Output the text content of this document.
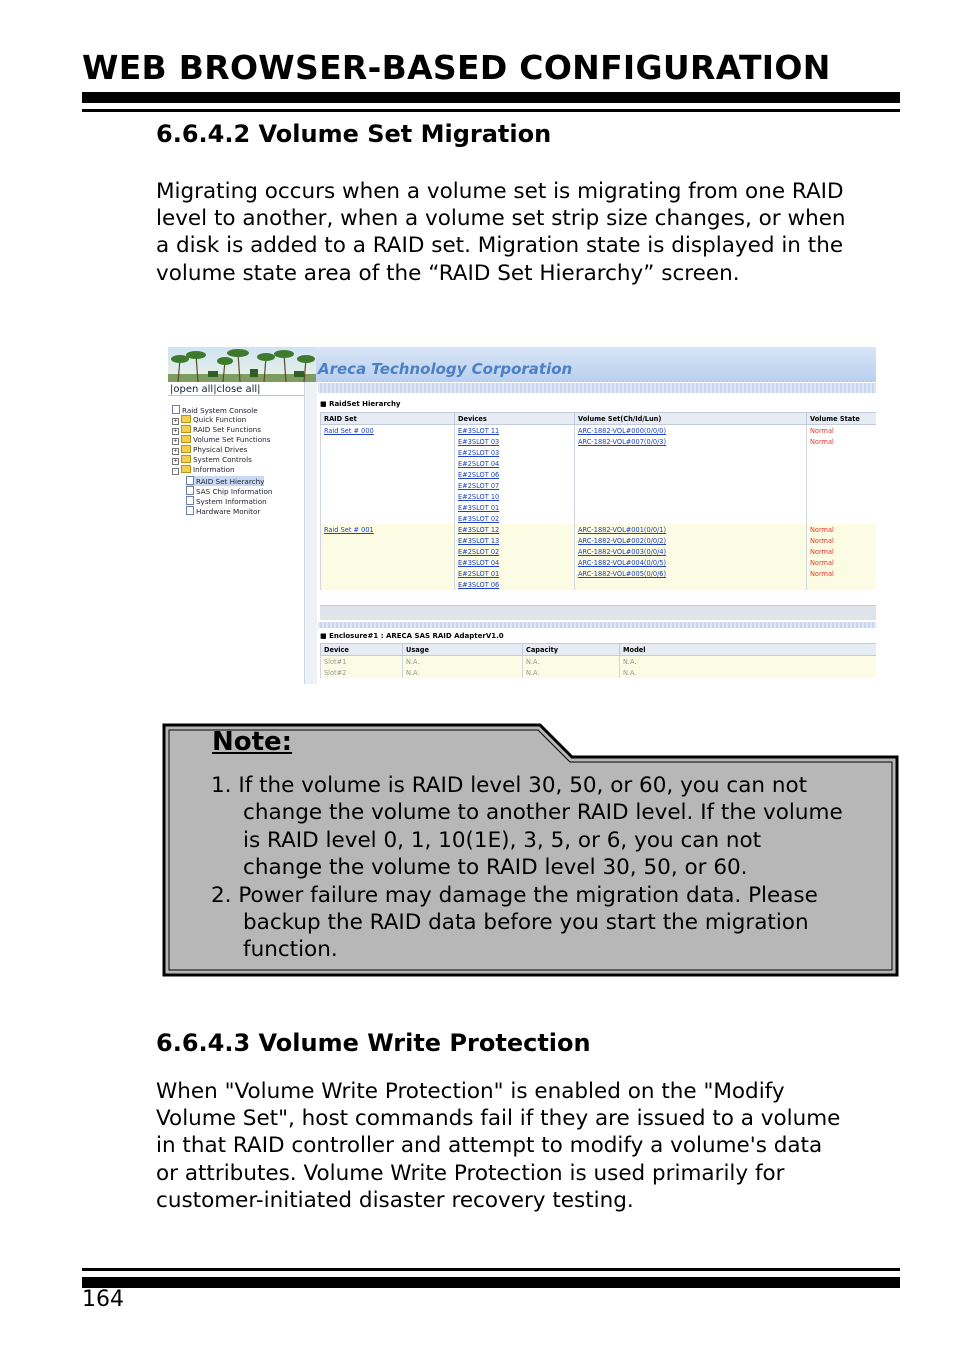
WEB BROWSER-BASED CONFIGURATION
6.6.4.2 Volume Set Migration
Migrating occurs when a volume set is migrating from one RAID
level to another, when a volume set strip size changes, or when
a disk is added to a RAID set. Migration state is displayed in the
volume state area of the “RAID Set Hierarchy” screen.
Areca Technology Corporation
|open all|close all|
Raid System Console
+ Quick Function
+ RAID Set Functions
+ Volume Set Functions
+ Physical Drives
+ System Controls
- Information
RAID Set Hierarchy
SAS Chip Information
System Information
Hardware Monitor
■ RaidSet Hierarchy
RAID Set	Devices	Volume Set(Ch/Id/Lun)	Volume State
Raid Set # 000	E#3SLOT 11	ARC-1882-VOL#000(0/0/0)	Normal
	E#3SLOT 03	ARC-1882-VOL#007(0/0/3)	Normal
	E#2SLOT 03		
	E#2SLOT 04		
	E#2SLOT 06		
	E#2SLOT 07		
	E#2SLOT 10		
	E#3SLOT 01		
	E#3SLOT 02		
Raid Set # 001	E#3SLOT 12	ARC-1882-VOL#001(0/0/1)	Normal
	E#3SLOT 13	ARC-1882-VOL#002(0/0/2)	Normal
	E#2SLOT 02	ARC-1882-VOL#003(0/0/4)	Normal
	E#3SLOT 04	ARC-1882-VOL#004(0/0/5)	Normal
	E#2SLOT 01	ARC-1882-VOL#005(0/0/6)	Normal
	E#3SLOT 06		
■ Enclosure#1 : ARECA SAS RAID AdapterV1.0
Device	Usage	Capacity	Model
Slot#1	N.A.	N.A.	N.A.
Slot#2	N.A.	N.A.	N.A.
Note:
1. If the volume is RAID level 30, 50, or 60, you can not
change the volume to another RAID level. If the volume
is RAID level 0, 1, 10(1E), 3, 5, or 6, you can not
change the volume to RAID level 30, 50, or 60.
2. Power failure may damage the migration data. Please
backup the RAID data before you start the migration
function.
6.6.4.3 Volume Write Protection
When "Volume Write Protection" is enabled on the "Modify
Volume Set", host commands fail if they are issued to a volume
in that RAID controller and attempt to modify a volume's data
or attributes. Volume Write Protection is used primarily for
customer-initiated disaster recovery testing.
164
